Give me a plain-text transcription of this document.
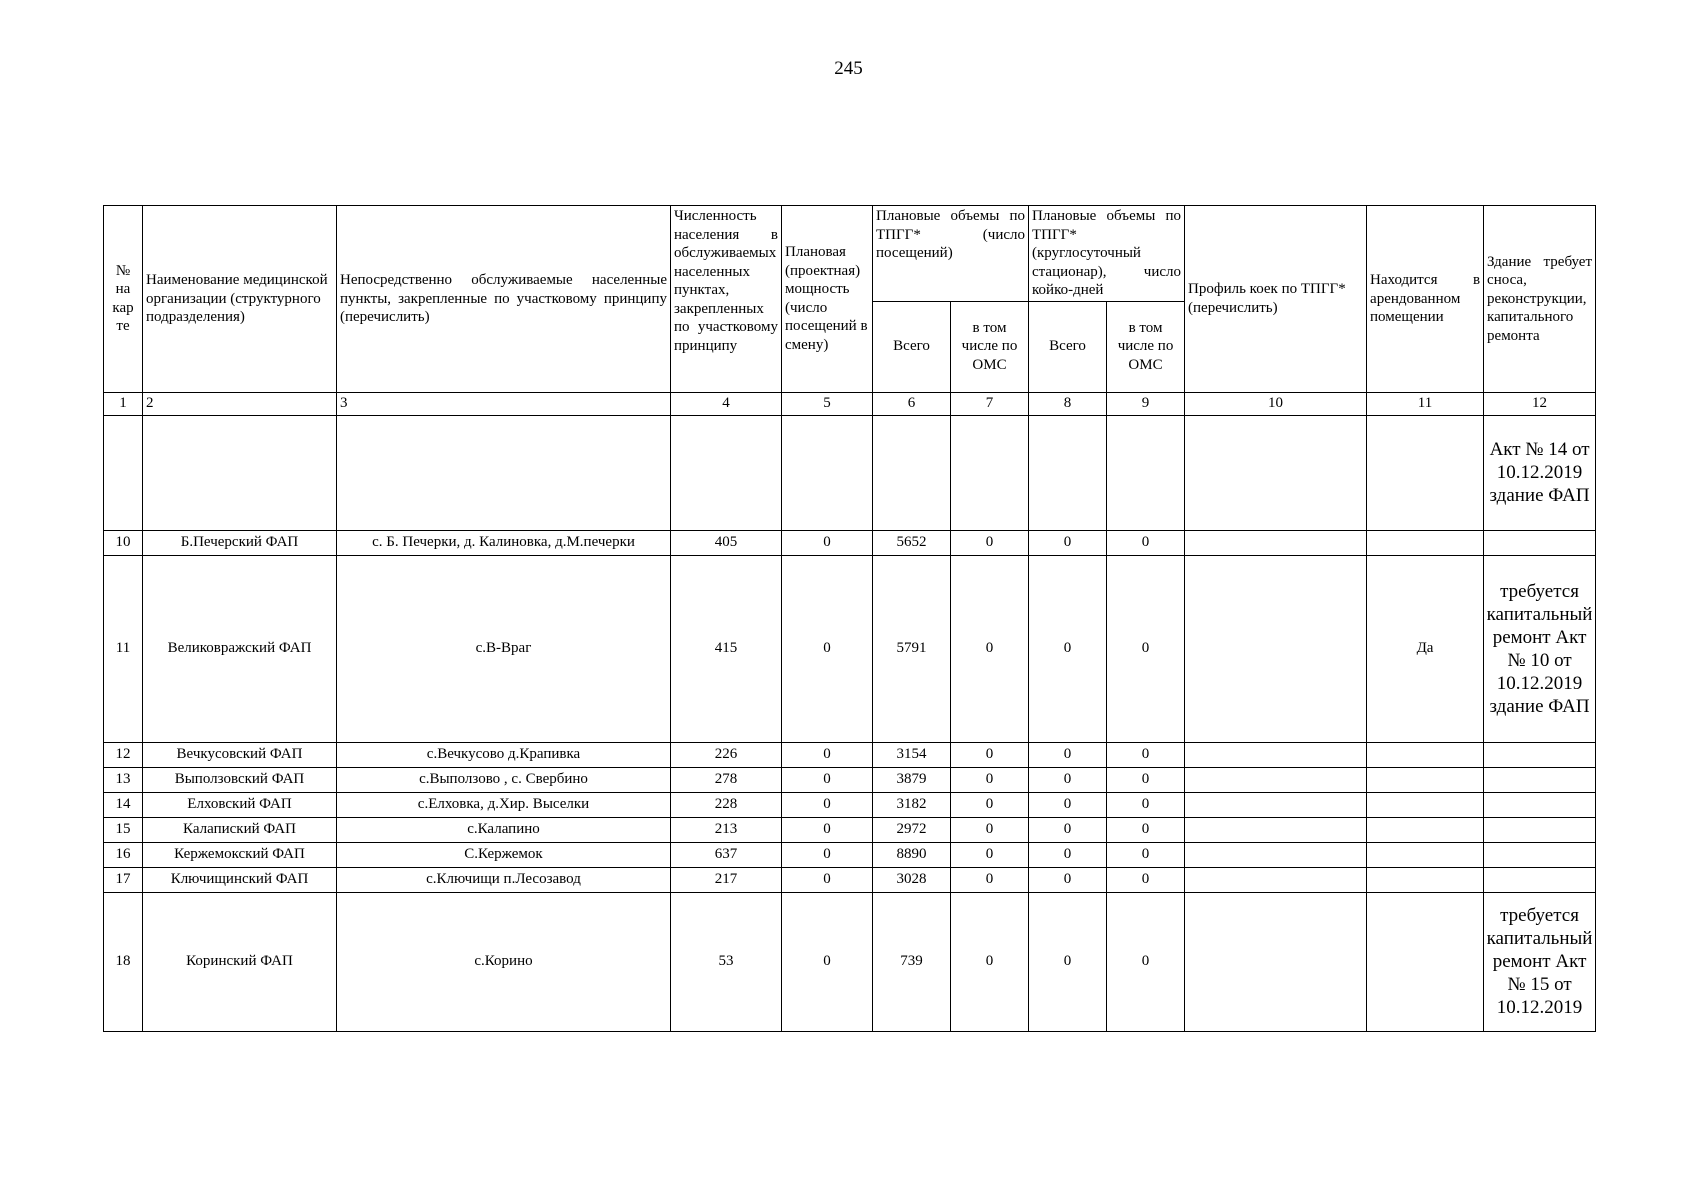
245
№ на кар те	Наименование медицинской организации (структурного подразделения)	Непосредственно обслуживаемые населенные пункты, закрепленные по участковому принципу (перечислить)	Численность населения в обслуживаемых населенных пунктах, закрепленных по участковому принципу	Плановая (проектная) мощность (число посещений в смену)	Плановые объемы по ТПГГ* (число посещений)		Плановые объемы по ТПГГ* (круглосуточный стационар), число койко-дней		Профиль коек по ТПГГ* (перечислить)	Находится в арендованном помещении	Здание требует сноса, реконструкции, капитального ремонта
					Всего	в том числе по ОМС	Всего	в том числе по ОМС			
1	2	3	4	5	6	7	8	9	10	11	12
											Акт № 14 от 10.12.2019 здание ФАП
10	Б.Печерский ФАП	с. Б. Печерки, д. Калиновка, д.М.печерки	405	0	5652	0	0	0			
11	Великовражский ФАП	с.В-Враг	415	0	5791	0	0	0		Да	требуется капитальный ремонт Акт № 10 от 10.12.2019 здание ФАП
12	Вечкусовский ФАП	с.Вечкусово д.Крапивка	226	0	3154	0	0	0			
13	Выползовский ФАП	с.Выползово , с. Свербино	278	0	3879	0	0	0			
14	Елховский ФАП	с.Елховка, д.Хир. Выселки	228	0	3182	0	0	0			
15	Калапиский ФАП	с.Калапино	213	0	2972	0	0	0			
16	Кержемокский ФАП	С.Кержемок	637	0	8890	0	0	0			
17	Ключищинский ФАП	с.Ключищи п.Лесозавод	217	0	3028	0	0	0			
18	Коринский ФАП	с.Корино	53	0	739	0	0	0			требуется капитальный ремонт Акт № 15 от 10.12.2019
